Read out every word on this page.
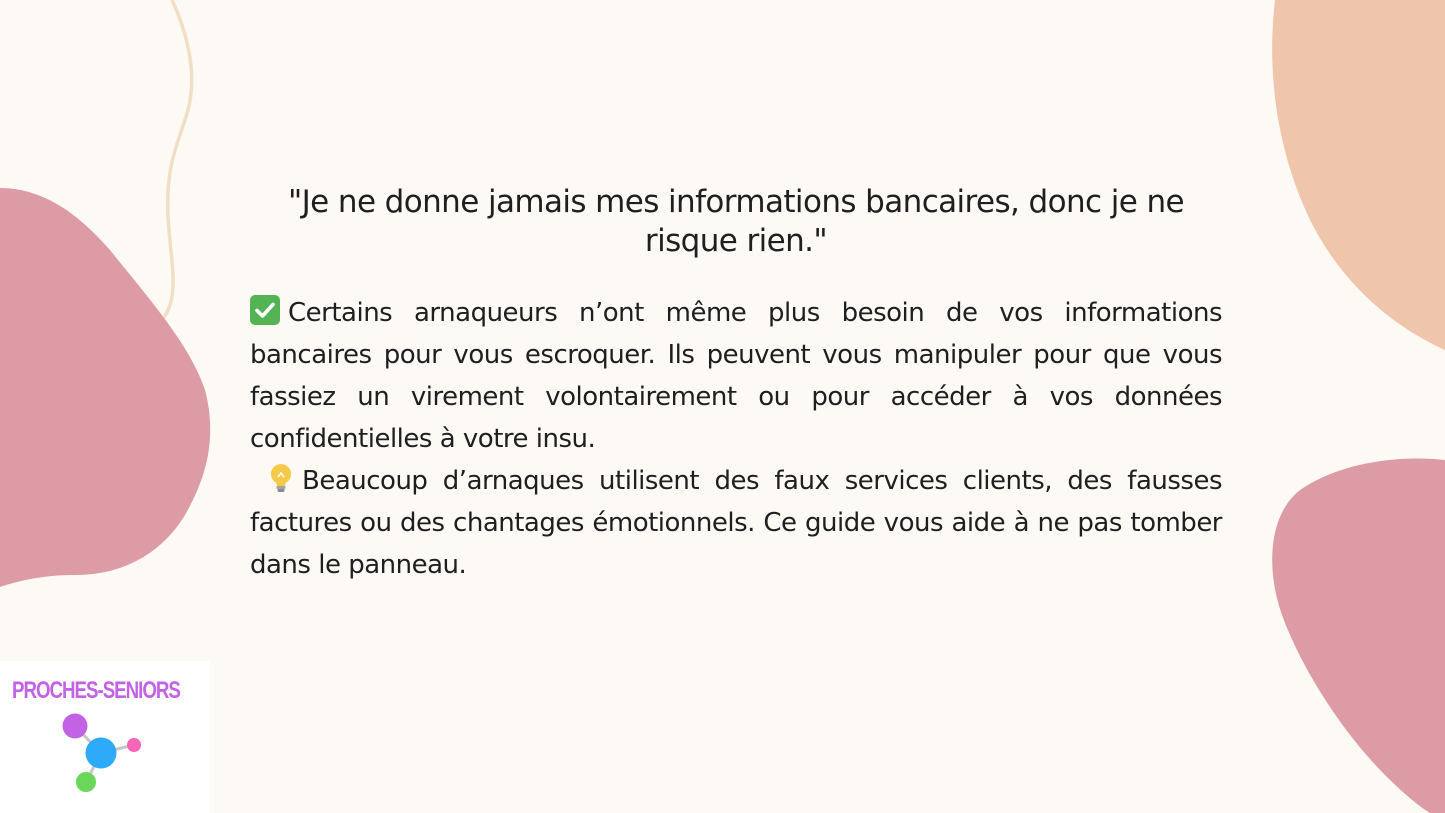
"Je ne donne jamais mes informations bancaires, donc je ne risque rien."

Certains arnaqueurs n’ont même plus besoin de vos informations bancaires pour vous escroquer. Ils peuvent vous manipuler pour que vous fassiez un virement volontairement ou pour accéder à vos données confidentielles à votre insu.

Beaucoup d’arnaques utilisent des faux services clients, des fausses factures ou des chantages émotionnels. Ce guide vous aide à ne pas tomber dans le panneau.

PROCHES-SENIORS
